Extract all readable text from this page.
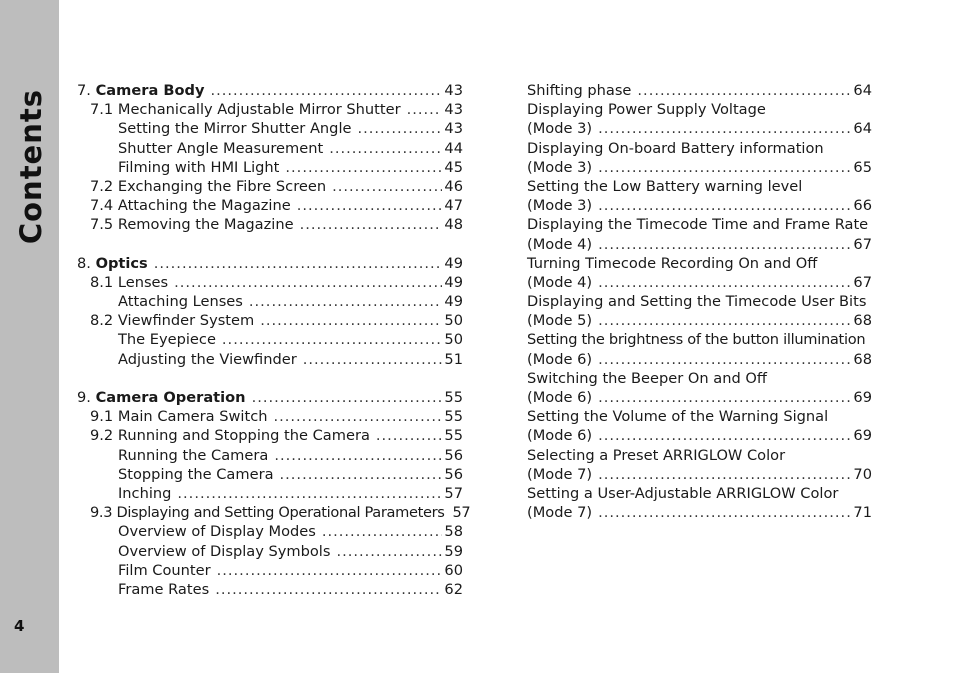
Contents
4
7. Camera Body .....	43
7.1 Mechanically Adjustable Mirror Shutter .....	43
Setting the Mirror Shutter Angle .....	43
Shutter Angle Measurement .....	44
Filming with HMI Light .....	45
7.2 Exchanging the Fibre Screen .....	46
7.4 Attaching the Magazine .....	47
7.5 Removing the Magazine .....	48
8. Optics .....	49
8.1 Lenses .....	49
Attaching Lenses .....	49
8.2 Viewfinder System .....	50
The Eyepiece .....	50
Adjusting the Viewfinder .....	51
9. Camera Operation .....	55
9.1 Main Camera Switch .....	55
9.2 Running and Stopping the Camera .....	55
Running the Camera .....	56
Stopping the Camera .....	56
Inching .....	57
9.3 Displaying and Setting Operational Parameters 57
Overview of Display Modes .....	58
Overview of Display Symbols .....	59
Film Counter .....	60
Frame Rates .....	62
Shifting phase .....	64
Displaying Power Supply Voltage
(Mode 3) .....	64
Displaying On-board Battery information
(Mode 3) .....	65
Setting the Low Battery warning level
(Mode 3) .....	66
Displaying the Timecode Time and Frame Rate
(Mode 4) .....	67
Turning Timecode Recording On and Off
(Mode 4) .....	67
Displaying and Setting the Timecode User Bits
(Mode 5) .....	68
Setting the brightness of the button illumination
(Mode 6) .....	68
Switching the Beeper On and Off
(Mode 6) .....	69
Setting the Volume of the Warning Signal
(Mode 6) .....	69
Selecting a Preset ARRIGLOW Color
(Mode 7) .....	70
Setting a User-Adjustable ARRIGLOW Color
(Mode 7) .....	71
